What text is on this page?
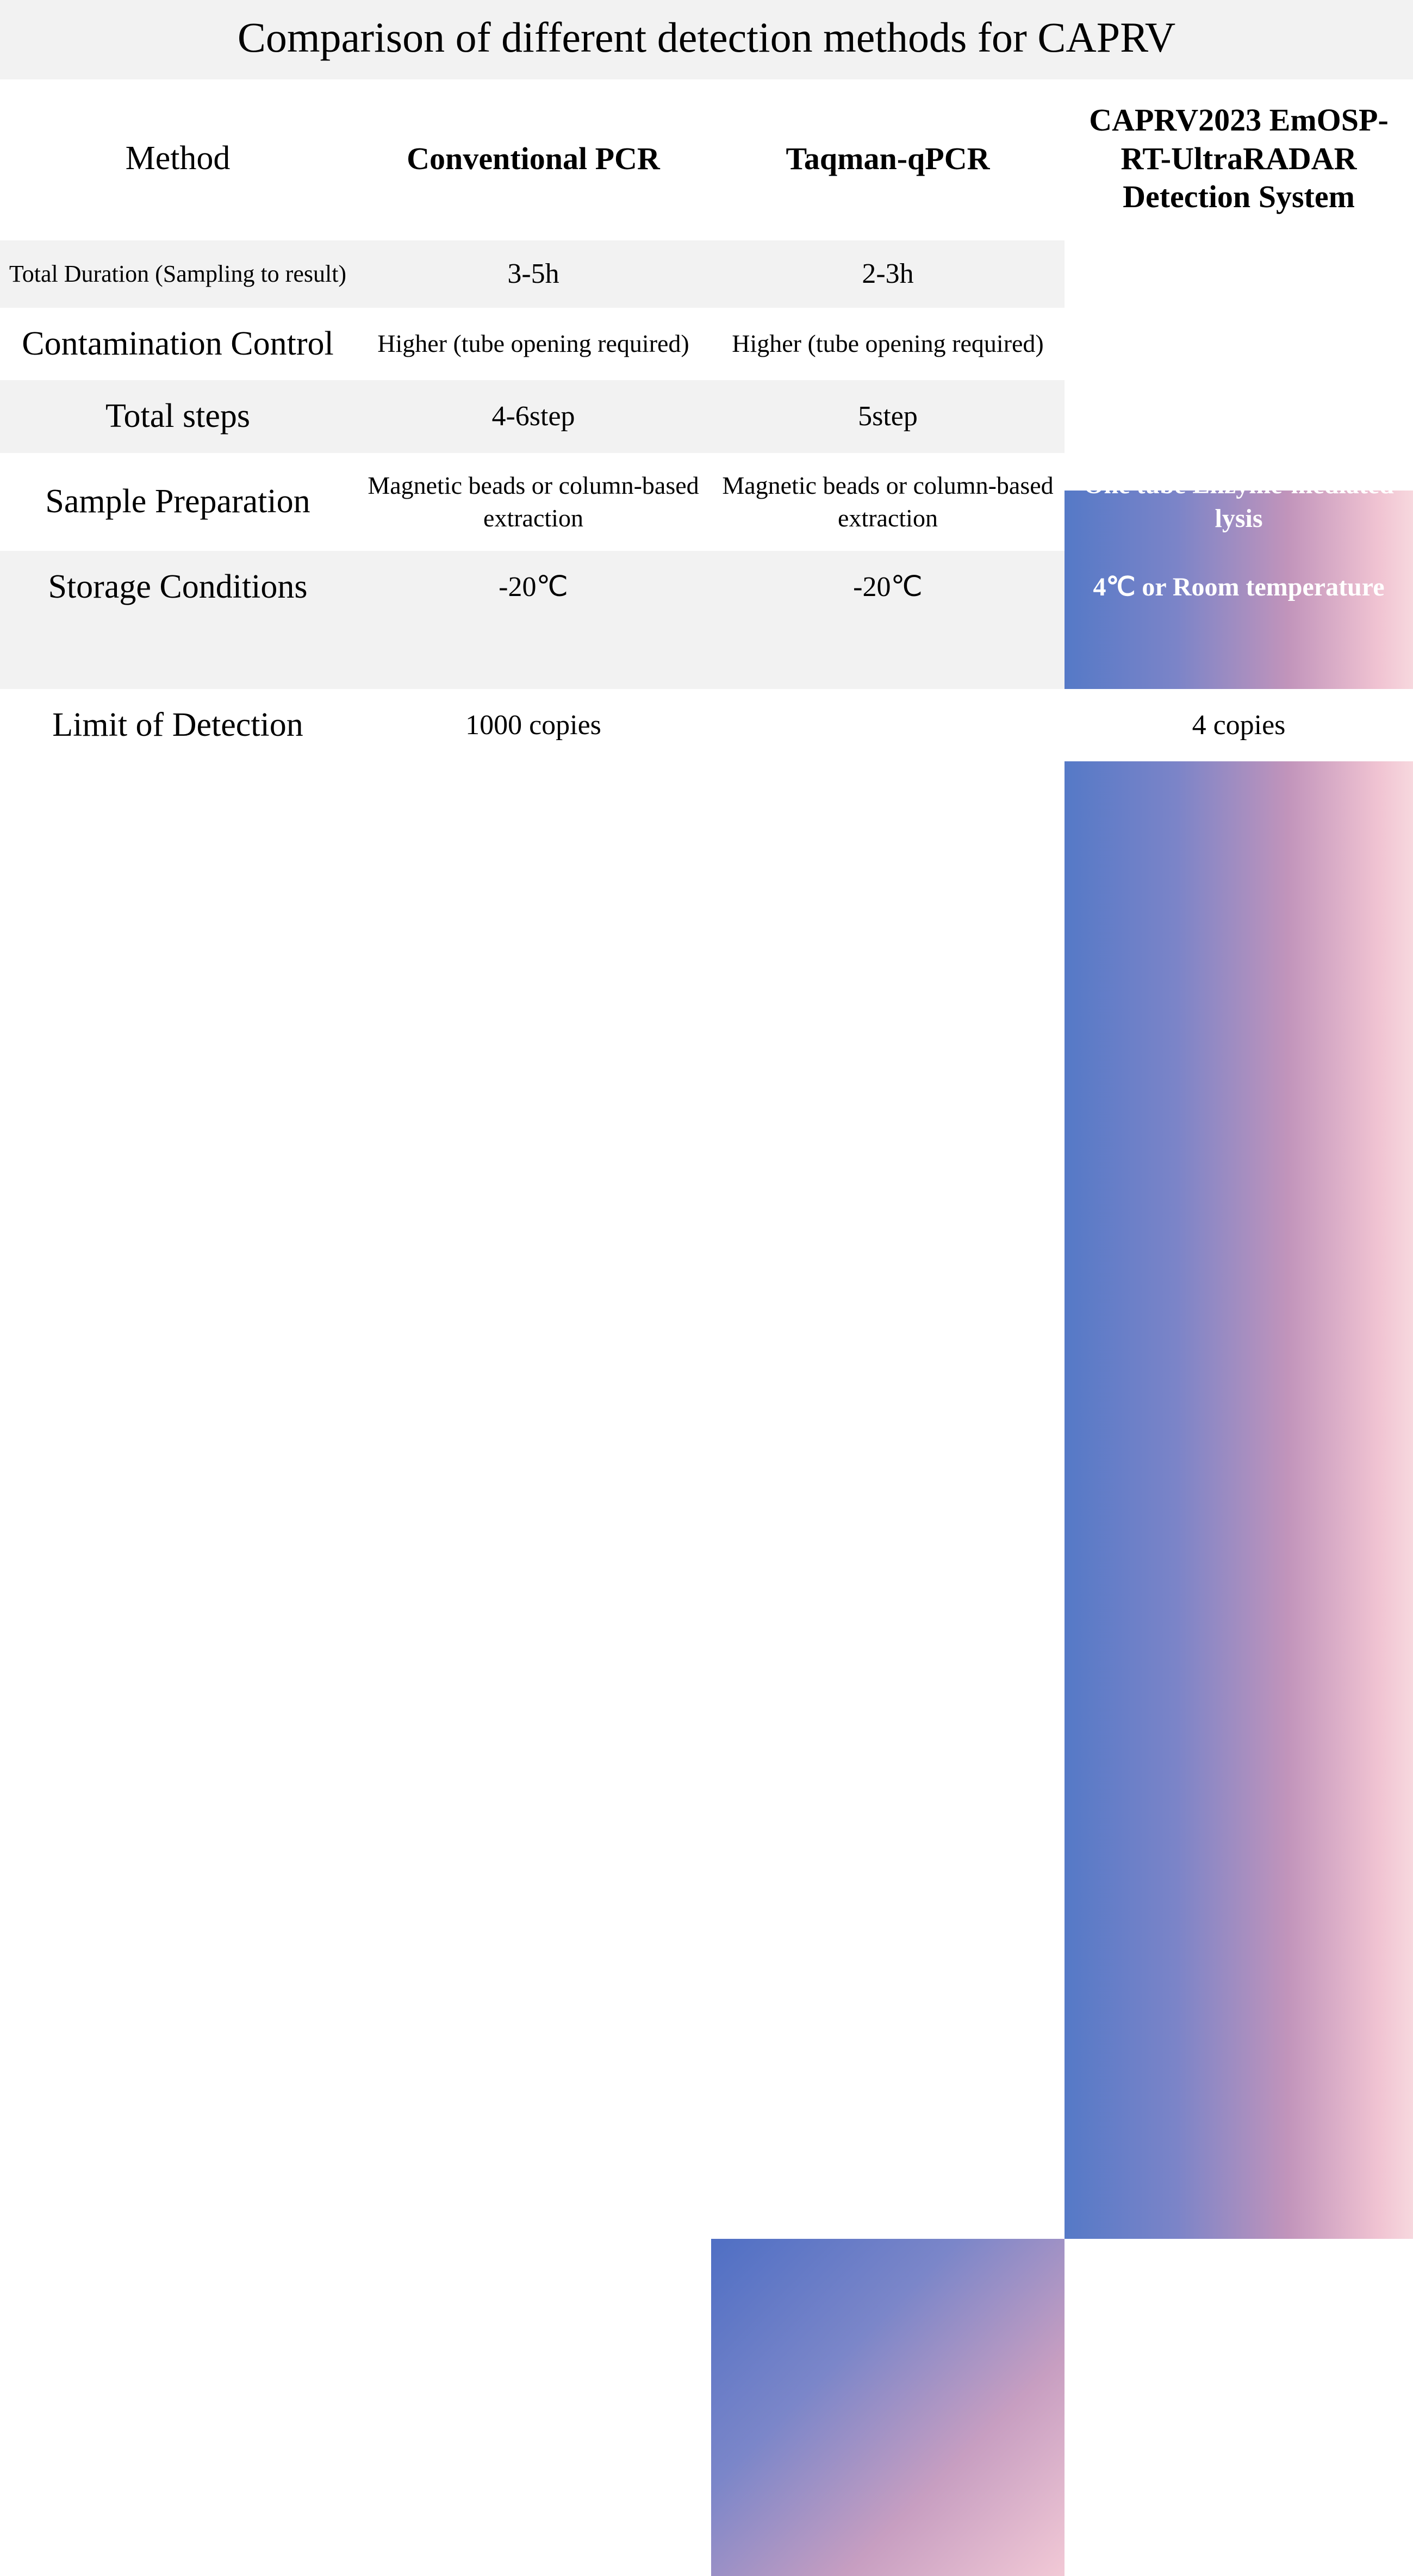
Comparison of different detection methods for CAPRV
Method	Conventional PCR	Taqman-qPCR	CAPRV2023 EmOSP-RT-UltraRADAR Detection System
Total Duration (Sampling to result)	3-5h	2-3h	30min
Contamination Control	Higher (tube opening required)	Higher (tube opening required)	Minimal (closed system)
Total steps	4-6step	5step	2step
Sample Preparation	Magnetic beads or column-based extraction	Magnetic beads or column-based extraction	One tube Enzyme-mediated lysis
Storage Conditions	-20℃	-20℃	4℃ or Room temperature

Limit of Detection	1000 copies	2 copies	4 copies
